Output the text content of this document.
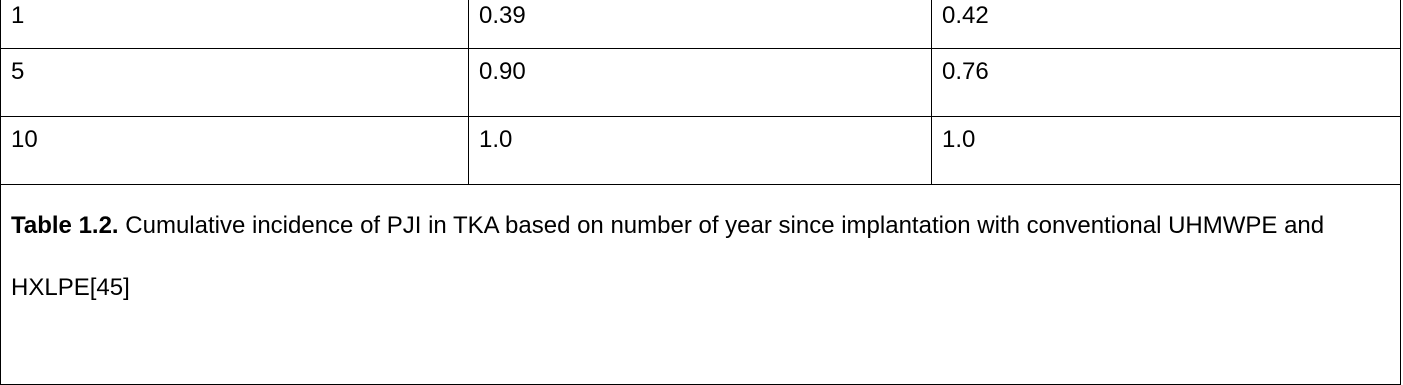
1	0.39	0.42
5	0.90	0.76
10	1.0	1.0
Table 1.2. Cumulative incidence of PJI in TKA based on number of year since implantation with conventional UHMWPE and HXLPE[45]		
